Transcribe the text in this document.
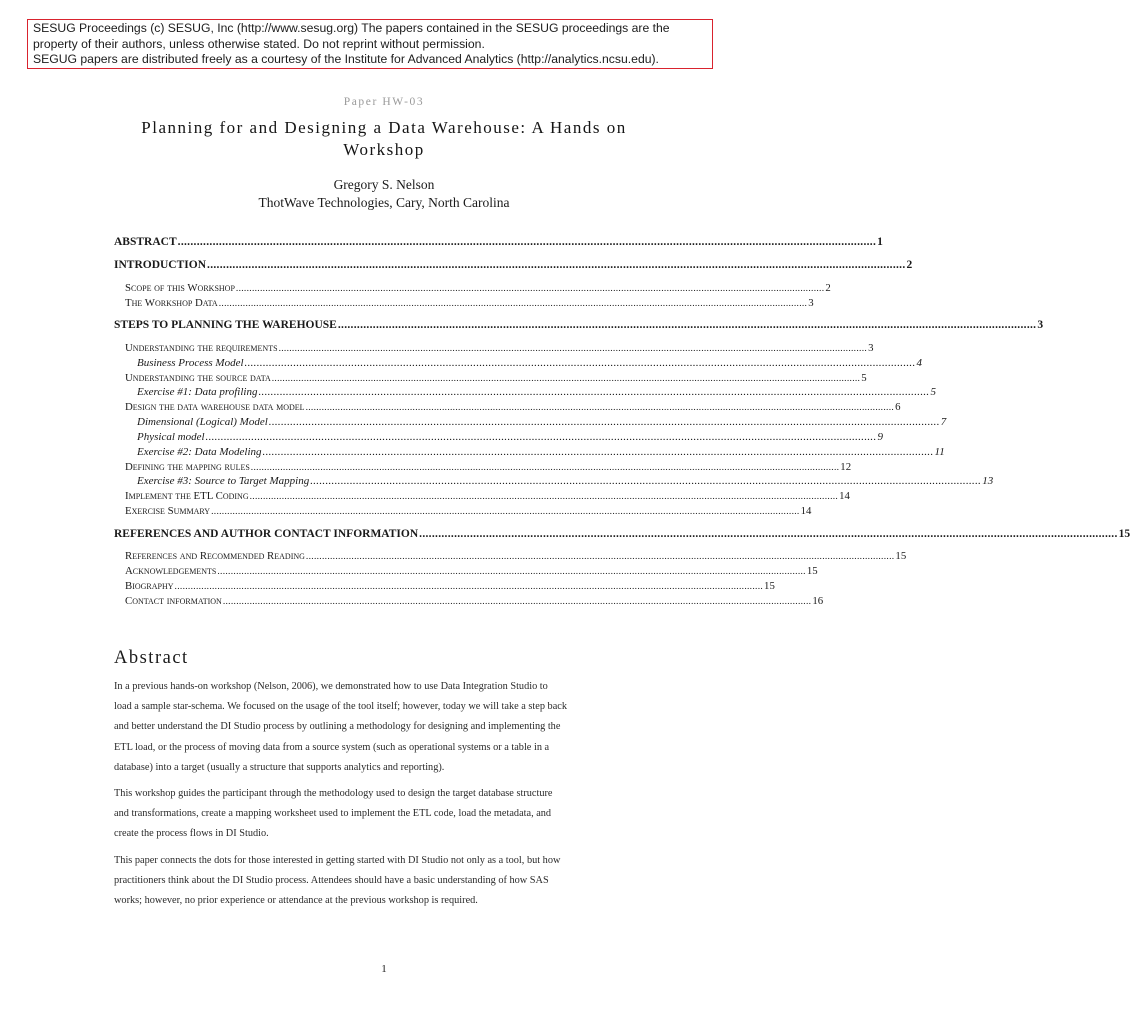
SESUG Proceedings (c) SESUG, Inc (http://www.sesug.org) The papers contained in the SESUG proceedings are the
property of their authors, unless otherwise stated. Do not reprint without permission.
SEGUG papers are distributed freely as a courtesy of the Institute for Advanced Analytics (http://analytics.ncsu.edu).
Paper HW-03
Planning for and Designing a Data Warehouse: A Hands on Workshop
Gregory S. Nelson
ThotWave Technologies, Cary, North Carolina
ABSTRACT ............................................................................................................................................................................................................................ 1
INTRODUCTION ............................................................................................................................................................................................................................ 2
Scope of this Workshop ............................................................................................................................................................................................................................ 2
The Workshop Data ............................................................................................................................................................................................................................ 3
STEPS TO PLANNING THE WAREHOUSE ............................................................................................................................................................................................................................ 3
Understanding the requirements ............................................................................................................................................................................................................................ 3
Business Process Model ............................................................................................................................................................................................................................ 4
Understanding the source data ............................................................................................................................................................................................................................ 5
Exercise #1: Data profiling ............................................................................................................................................................................................................................ 5
Design the data warehouse data model ............................................................................................................................................................................................................................ 6
Dimensional (Logical) Model ............................................................................................................................................................................................................................ 7
Physical model ............................................................................................................................................................................................................................ 9
Exercise #2: Data Modeling ............................................................................................................................................................................................................................ 11
Defining the mapping rules ............................................................................................................................................................................................................................ 12
Exercise #3: Source to Target Mapping ............................................................................................................................................................................................................................ 13
Implement the ETL Coding ............................................................................................................................................................................................................................ 14
Exercise Summary ............................................................................................................................................................................................................................ 14
REFERENCES AND AUTHOR CONTACT INFORMATION ............................................................................................................................................................................................................................ 15
References and Recommended Reading ............................................................................................................................................................................................................................ 15
Acknowledgements ............................................................................................................................................................................................................................ 15
Biography ............................................................................................................................................................................................................................ 15
Contact information ............................................................................................................................................................................................................................ 16
Abstract

In a previous hands-on workshop (Nelson, 2006), we demonstrated how to use Data Integration Studio to
load a sample star-schema. We focused on the usage of the tool itself; however, today we will take a step back
and better understand the DI Studio process by outlining a methodology for designing and implementing the
ETL load, or the process of moving data from a source system (such as operational systems or a table in a
database) into a target (usually a structure that supports analytics and reporting).

This workshop guides the participant through the methodology used to design the target database structure
and transformations, create a mapping worksheet used to implement the ETL code, load the metadata, and
create the process flows in DI Studio.

This paper connects the dots for those interested in getting started with DI Studio not only as a tool, but how
practitioners think about the DI Studio process. Attendees should have a basic understanding of how SAS
works; however, no prior experience or attendance at the previous workshop is required.

1
